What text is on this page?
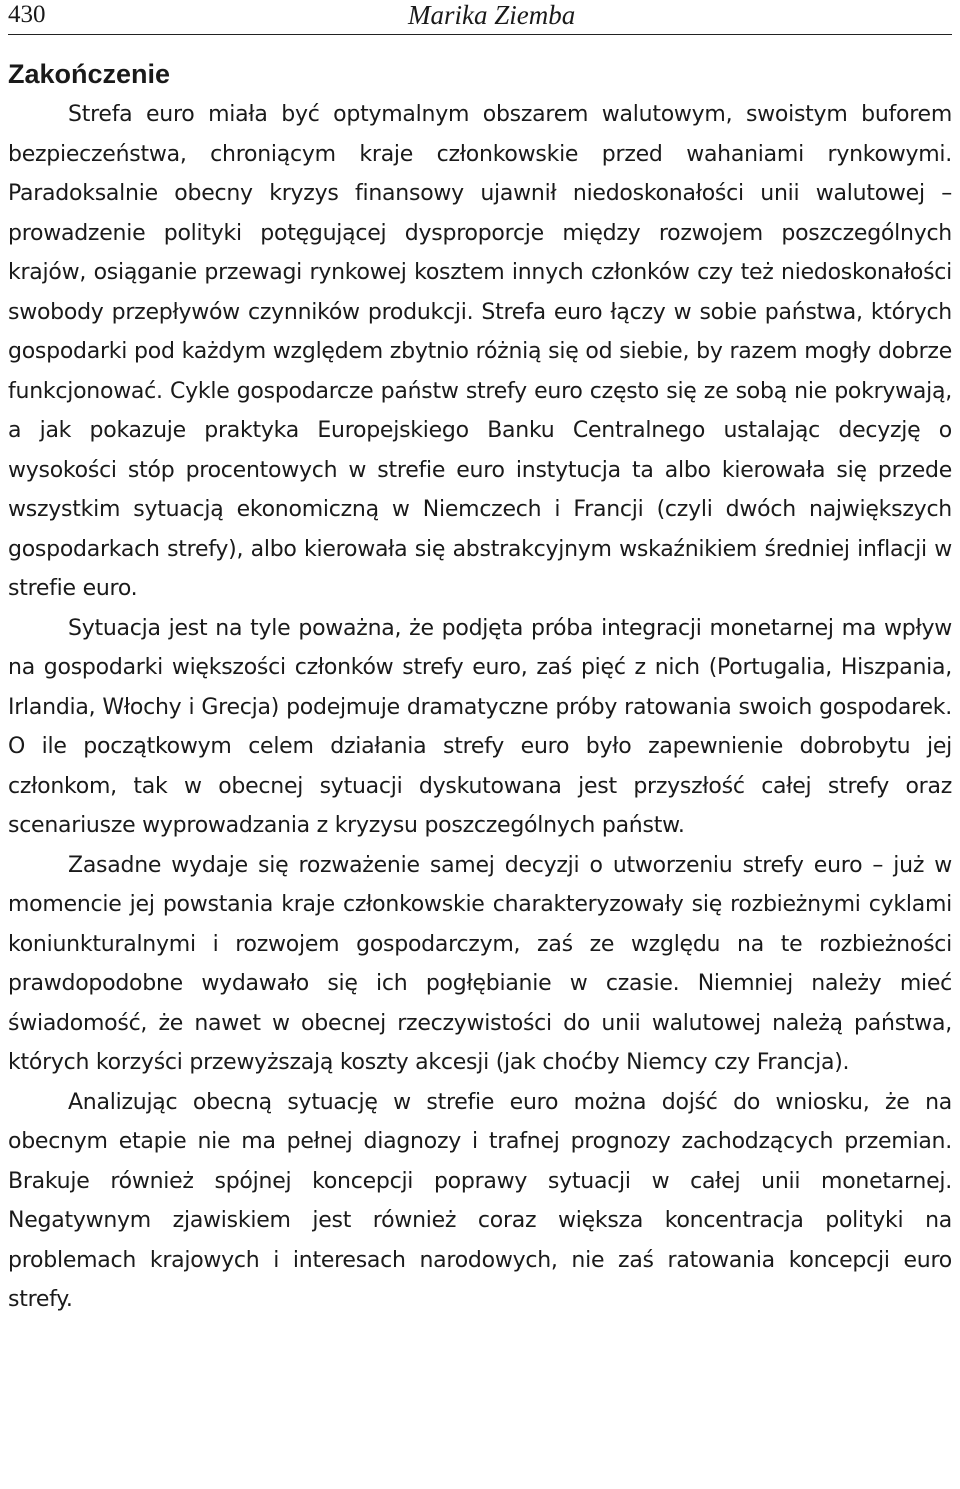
430	Marika Ziemba
Zakończenie

Strefa euro miała być optymalnym obszarem walutowym, swoistym buforem bezpieczeństwa, chroniącym kraje członkowskie przed wahaniami rynkowymi. Paradoksalnie obecny kryzys finansowy ujawnił niedoskonałości unii walutowej – prowadzenie polityki potęgującej dysproporcje między rozwojem poszczególnych krajów, osiąganie przewagi rynkowej kosztem innych członków czy też niedoskonałości swobody przepływów czynników produkcji. Strefa euro łączy w sobie państwa, których gospodarki pod każdym względem zbytnio różnią się od siebie, by razem mogły dobrze funkcjonować. Cykle gospodarcze państw strefy euro często się ze sobą nie pokrywają, a jak pokazuje praktyka Europejskiego Banku Centralnego ustalając decyzję o wysokości stóp procentowych w strefie euro instytucja ta albo kierowała się przede wszystkim sytuacją ekonomiczną w Niemczech i Francji (czyli dwóch największych gospodarkach strefy), albo kierowała się abstrakcyjnym wskaźnikiem średniej inflacji w strefie euro.

Sytuacja jest na tyle poważna, że podjęta próba integracji monetarnej ma wpływ na gospodarki większości członków strefy euro, zaś pięć z nich (Portugalia, Hiszpania, Irlandia, Włochy i Grecja) podejmuje dramatyczne próby ratowania swoich gospodarek. O ile początkowym celem działania strefy euro było zapewnienie dobrobytu jej członkom, tak w obecnej sytuacji dyskutowana jest przyszłość całej strefy oraz scenariusze wyprowadzania z kryzysu poszczególnych państw.

Zasadne wydaje się rozważenie samej decyzji o utworzeniu strefy euro – już w momencie jej powstania kraje członkowskie charakteryzowały się rozbieżnymi cyklami koniunkturalnymi i rozwojem gospodarczym, zaś ze względu na te rozbieżności prawdopodobne wydawało się ich pogłębianie w czasie. Niemniej należy mieć świadomość, że nawet w obecnej rzeczywistości do unii walutowej należą państwa, których korzyści przewyższają koszty akcesji (jak choćby Niemcy czy Francja).

Analizując obecną sytuację w strefie euro można dojść do wniosku, że na obecnym etapie nie ma pełnej diagnozy i trafnej prognozy zachodzących przemian. Brakuje również spójnej koncepcji poprawy sytuacji w całej unii monetarnej. Negatywnym zjawiskiem jest również coraz większa koncentracja polityki na problemach krajowych i interesach narodowych, nie zaś ratowania koncepcji euro strefy.
